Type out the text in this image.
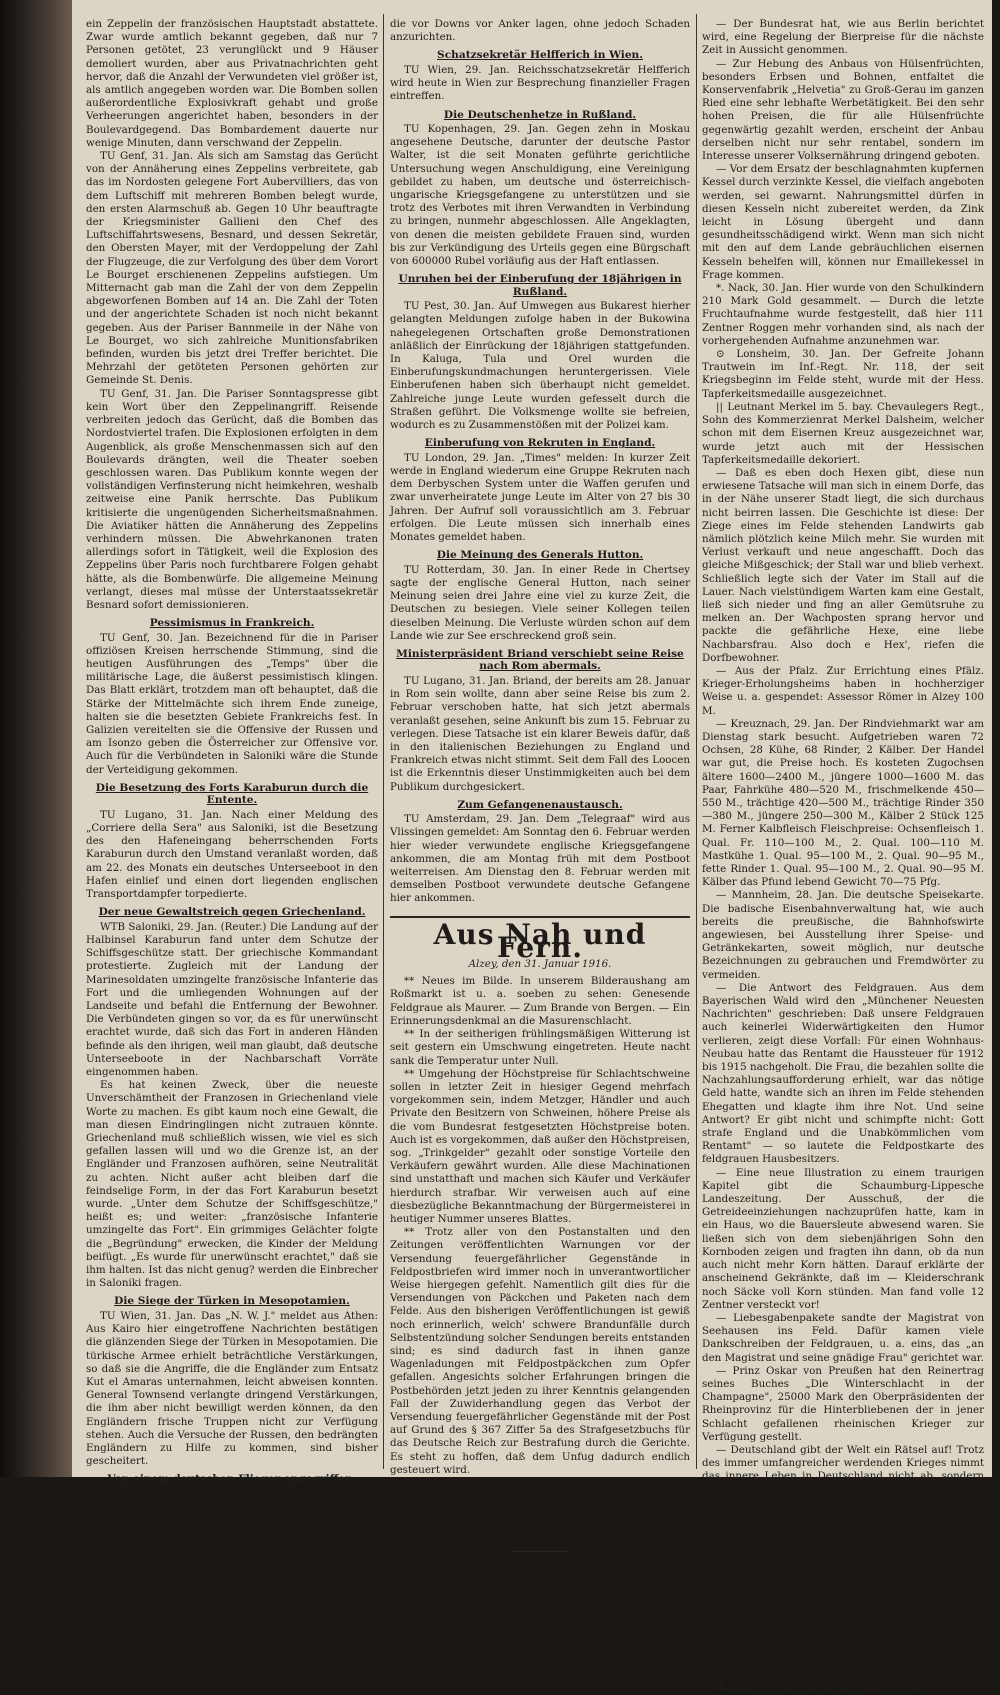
ein Zeppelin der französischen Hauptstadt abstattete. Zwar wurde amtlich bekannt gegeben, daß nur 7 Personen getötet, 23 verunglückt und 9 Häuser demoliert wurden, aber aus Privatnachrichten geht hervor, daß die Anzahl der Verwundeten viel größer ist, als amtlich angegeben worden war. Die Bomben sollen außerordentliche Explosivkraft gehabt und große Verheerungen angerichtet haben, besonders in der Boulevardgegend. Das Bombardement dauerte nur wenige Minuten, dann verschwand der Zeppelin.

TU Genf, 31. Jan. Als sich am Samstag das Gerücht von der Annäherung eines Zeppelins verbreitete, gab das im Nordosten gelegene Fort Aubervilliers, das von dem Luftschiff mit mehreren Bomben belegt wurde, den ersten Alarmschuß ab. Gegen 10 Uhr beauftragte der Kriegsminister Gallieni den Chef des Luftschiffahrtswesens, Besnard, und dessen Sekretär, den Obersten Mayer, mit der Verdoppelung der Zahl der Flugzeuge, die zur Verfolgung des über dem Vorort Le Bourget erschienenen Zeppelins aufstiegen. Um Mitternacht gab man die Zahl der von dem Zeppelin abgeworfenen Bomben auf 14 an. Die Zahl der Toten und der angerichtete Schaden ist noch nicht bekannt gegeben. Aus der Pariser Bannmeile in der Nähe von Le Bourget, wo sich zahlreiche Munitionsfabriken befinden, wurden bis jetzt drei Treffer berichtet. Die Mehrzahl der getöteten Personen gehörten zur Gemeinde St. Denis.

TU Genf, 31. Jan. Die Pariser Sonntagspresse gibt kein Wort über den Zeppelinangriff. Reisende verbreiten jedoch das Gerücht, daß die Bomben das Nordostviertel trafen. Die Explosionen erfolgten in dem Augenblick, als große Menschenmassen sich auf den Boulevards drängten, weil die Theater soeben geschlossen waren. Das Publikum konnte wegen der vollständigen Verfinsterung nicht heimkehren, weshalb zeitweise eine Panik herrschte. Das Publikum kritisierte die ungenügenden Sicherheitsmaßnahmen. Die Aviatiker hätten die Annäherung des Zeppelins verhindern müssen. Die Abwehrkanonen traten allerdings sofort in Tätigkeit, weil die Explosion des Zeppelins über Paris noch furchtbarere Folgen gehabt hätte, als die Bombenwürfe. Die allgemeine Meinung verlangt, dieses mal müsse der Unterstaatssekretär Besnard sofort demissionieren.

Pessimismus in Frankreich.

TU Genf, 30. Jan. Bezeichnend für die in Pariser offiziösen Kreisen herrschende Stimmung, sind die heutigen Ausführungen des „Temps" über die militärische Lage, die äußerst pessimistisch klingen. Das Blatt erklärt, trotzdem man oft behauptet, daß die Stärke der Mittelmächte sich ihrem Ende zuneige, halten sie die besetzten Gebiete Frankreichs fest. In Galizien vereitelten sie die Offensive der Russen und am Isonzo geben die Österreicher zur Offensive vor. Auch für die Verbündeten in Saloniki wäre die Stunde der Verteidigung gekommen.

Die Besetzung des Forts Karaburun durch die Entente.

TU Lugano, 31. Jan. Nach einer Meldung des „Corriere della Sera" aus Saloniki, ist die Besetzung des den Hafeneingang beherrschenden Forts Karaburun durch den Umstand veranlaßt worden, daß am 22. des Monats ein deutsches Unterseeboot in den Hafen einlief und einen dort liegenden englischen Transportdampfer torpedierte.

Der neue Gewaltstreich gegen Griechenland.

WTB Saloniki, 29. Jan. (Reuter.) Die Landung auf der Halbinsel Karaburun fand unter dem Schutze der Schiffsgeschütze statt. Der griechische Kommandant protestierte. Zugleich mit der Landung der Marinesoldaten umzingelte französische Infanterie das Fort und die umliegenden Wohnungen auf der Landseite und befahl die Entfernung der Bewohner. Die Verbündeten gingen so vor, da es für unerwünscht erachtet wurde, daß sich das Fort in anderen Händen befinde als den ihrigen, weil man glaubt, daß deutsche Unterseeboote in der Nachbarschaft Vorräte eingenommen haben.

Es hat keinen Zweck, über die neueste Unverschämtheit der Franzosen in Griechenland viele Worte zu machen. Es gibt kaum noch eine Gewalt, die man diesen Eindringlingen nicht zutrauen könnte. Griechenland muß schließlich wissen, wie viel es sich gefallen lassen will und wo die Grenze ist, an der Engländer und Franzosen aufhören, seine Neutralität zu achten. Nicht außer acht bleiben darf die feindselige Form, in der das Fort Karaburun besetzt wurde. „Unter dem Schutze der Schiffsgeschütze," heißt es; und weiter: „französische Infanterie umzingelte das Fort". Ein grimmiges Gelächter folgte die „Begründung" erwecken, die Kinder der Meldung beifügt. „Es wurde für unerwünscht erachtet," daß sie ihm halten. Ist das nicht genug? werden die Einbrecher in Saloniki fragen.

Die Siege der Türken in Mesopotamien.

TU Wien, 31. Jan. Das „N. W. J." meldet aus Athen: Aus Kairo hier eingetroffene Nachrichten bestätigen die glänzenden Siege der Türken in Mesopotamien. Die türkische Armee erhielt beträchtliche Verstärkungen, so daß sie die Angriffe, die die Engländer zum Entsatz Kut el Amaras unternahmen, leicht abweisen konnten. General Townsend verlangte dringend Verstärkungen, die ihm aber nicht bewilligt werden können, da den Engländern frische Truppen nicht zur Verfügung stehen. Auch die Versuche der Russen, den bedrängten Engländern zu Hilfe zu kommen, sind bisher gescheitert.

Von einem deutschen Flieger angegriffen.

TU Amsterdam, 31. Jan. Der Wilsondampfer „Carlo", der am Freitag in Humber eintraf, berichtete, daß er zwei Stunden nach der Ausreise am Abend von Dover von einem deutschen Flugzeug angegriffen worden sei, das sich über dem Dampfer bewegte. 6 schwere Bomben wurden auf das Schiff abgeworfen, die alle in einem Umkreis von 25 Metern beim Aufschlagen auf dem Wasser explodierten und riesige Wassermengen über den Dampfer jagten. Der Kapitän ließ sofort im Zickzackkurs fahren. Das Flugzeug verschwand schließlich und warf noch 4 Bomben auf Schiffe,

die vor Downs vor Anker lagen, ohne jedoch Schaden anzurichten.

Schatzsekretär Helfferich in Wien.

TU Wien, 29. Jan. Reichsschatzsekretär Helfferich wird heute in Wien zur Besprechung finanzieller Fragen eintreffen.

Die Deutschenhetze in Rußland.

TU Kopenhagen, 29. Jan. Gegen zehn in Moskau angesehene Deutsche, darunter der deutsche Pastor Walter, ist die seit Monaten geführte gerichtliche Untersuchung wegen Anschuldigung, eine Vereinigung gebildet zu haben, um deutsche und österreichisch-ungarische Kriegsgefangene zu unterstützen und sie trotz des Verbotes mit ihren Verwandten in Verbindung zu bringen, nunmehr abgeschlossen. Alle Angeklagten, von denen die meisten gebildete Frauen sind, wurden bis zur Verkündigung des Urteils gegen eine Bürgschaft von 600000 Rubel vorläufig aus der Haft entlassen.

Unruhen bei der Einberufung der 18jährigen in Rußland.

TU Pest, 30. Jan. Auf Umwegen aus Bukarest hierher gelangten Meldungen zufolge haben in der Bukowina nahegelegenen Ortschaften große Demonstrationen anläßlich der Einrückung der 18jährigen stattgefunden. In Kaluga, Tula und Orel wurden die Einberufungskundmachungen heruntergerissen. Viele Einberufenen haben sich überhaupt nicht gemeldet. Zahlreiche junge Leute wurden gefesselt durch die Straßen geführt. Die Volksmenge wollte sie befreien, wodurch es zu Zusammenstößen mit der Polizei kam.

Einberufung von Rekruten in England.

TU London, 29. Jan. „Times" melden: In kurzer Zeit werde in England wiederum eine Gruppe Rekruten nach dem Derbyschen System unter die Waffen gerufen und zwar unverheiratete junge Leute im Alter von 27 bis 30 Jahren. Der Aufruf soll voraussichtlich am 3. Februar erfolgen. Die Leute müssen sich innerhalb eines Monates gemeldet haben.

Die Meinung des Generals Hutton.

TU Rotterdam, 30. Jan. In einer Rede in Chertsey sagte der englische General Hutton, nach seiner Meinung seien drei Jahre eine viel zu kurze Zeit, die Deutschen zu besiegen. Viele seiner Kollegen teilen dieselben Meinung. Die Verluste würden schon auf dem Lande wie zur See erschreckend groß sein.

Ministerpräsident Briand verschiebt seine Reise nach Rom abermals.

TU Lugano, 31. Jan. Briand, der bereits am 28. Januar in Rom sein wollte, dann aber seine Reise bis zum 2. Februar verschoben hatte, hat sich jetzt abermals veranlaßt gesehen, seine Ankunft bis zum 15. Februar zu verlegen. Diese Tatsache ist ein klarer Beweis dafür, daß in den italienischen Beziehungen zu England und Frankreich etwas nicht stimmt. Seit dem Fall des Loocen ist die Erkenntnis dieser Unstimmigkeiten auch bei dem Publikum durchgesickert.

Zum Gefangenenaustausch.

TU Amsterdam, 29. Jan. Dem „Telegraaf" wird aus Vlissingen gemeldet: Am Sonntag den 6. Februar werden hier wieder verwundete englische Kriegsgefangene ankommen, die am Montag früh mit dem Postboot weiterreisen. Am Dienstag den 8. Februar werden mit demselben Postboot verwundete deutsche Gefangene hier ankommen.

Aus Nah und Fern.
Alzey, den 31. Januar 1916.

** Neues im Bilde. In unserem Bilderaushang am Roßmarkt ist u. a. soeben zu sehen: Genesende Feldgraue als Maurer. — Zum Brande von Bergen. — Ein Erinnerungsdenkmal an die Masurenschlacht.

** In der seitherigen frühlingsmäßigen Witterung ist seit gestern ein Umschwung eingetreten. Heute nacht sank die Temperatur unter Null.

** Umgehung der Höchstpreise für Schlachtschweine sollen in letzter Zeit in hiesiger Gegend mehrfach vorgekommen sein, indem Metzger, Händler und auch Private den Besitzern von Schweinen, höhere Preise als die vom Bundesrat festgesetzten Höchstpreise boten. Auch ist es vorgekommen, daß außer den Höchstpreisen, sog. „Trinkgelder" gezahlt oder sonstige Vorteile den Verkäufern gewährt wurden. Alle diese Machinationen sind unstatthaft und machen sich Käufer und Verkäufer hierdurch strafbar. Wir verweisen auch auf eine diesbezügliche Bekanntmachung der Bürgermeisterei in heutiger Nummer unseres Blattes.

** Trotz aller von den Postanstalten und den Zeitungen veröffentlichten Warnungen vor der Versendung feuergefährlicher Gegenstände in Feldpostbriefen wird immer noch in unverantwortlicher Weise hiergegen gefehlt. Namentlich gilt dies für die Versendungen von Päckchen und Paketen nach dem Felde. Aus den bisherigen Veröffentlichungen ist gewiß noch erinnerlich, welch' schwere Brandunfälle durch Selbstentzündung solcher Sendungen bereits entstanden sind; es sind dadurch fast in ihnen ganze Wagenladungen mit Feldpostpäckchen zum Opfer gefallen. Angesichts solcher Erfahrungen bringen die Postbehörden jetzt jeden zu ihrer Kenntnis gelangenden Fall der Zuwiderhandlung gegen das Verbot der Versendung feuergefährlicher Gegenstände mit der Post auf Grund des § 367 Ziffer 5a des Strafgesetzbuchs für das Deutsche Reich zur Bestrafung durch die Gerichte. Es steht zu hoffen, daß dem Unfug dadurch endlich gesteuert wird.

Neben Streichhölzern, Feuerzeugen mit Benzinfüllung, Äther usw. gehört auch Calciumcarbid zu den leicht entzündlichen Gegenständen; auffälligerweise haben neuerdings auch gerade Sendungen mit diesem Stoff häufig Anlaß zu Strafverfolgungen gegeben.

— Der Bundesrat hat, wie aus Berlin berichtet wird, eine Regelung der Bierpreise für die nächste Zeit in Aussicht genommen.

— Zur Hebung des Anbaus von Hülsenfrüchten, besonders Erbsen und Bohnen, entfaltet die Konservenfabrik „Helvetia" zu Groß-Gerau im ganzen Ried eine sehr lebhafte Werbetätigkeit. Bei den sehr hohen Preisen, die für alle Hülsenfrüchte gegenwärtig gezahlt werden, erscheint der Anbau derselben nicht nur sehr rentabel, sondern im Interesse unserer Volksernährung dringend geboten.

— Vor dem Ersatz der beschlagnahmten kupfernen Kessel durch verzinkte Kessel, die vielfach angeboten werden, sei gewarnt. Nahrungsmittel dürfen in diesen Kesseln nicht zubereitet werden, da Zink leicht in Lösung übergeht und dann gesundheitsschädigend wirkt. Wenn man sich nicht mit den auf dem Lande gebräuchlichen eisernen Kesseln behelfen will, können nur Emaillekessel in Frage kommen.

*. Nack, 30. Jan. Hier wurde von den Schulkindern 210 Mark Gold gesammelt. — Durch die letzte Fruchtaufnahme wurde festgestellt, daß hier 111 Zentner Roggen mehr vorhanden sind, als nach der vorhergehenden Aufnahme anzunehmen war.

⊙ Lonsheim, 30. Jan. Der Gefreite Johann Trautwein im Inf.-Regt. Nr. 118, der seit Kriegsbeginn im Felde steht, wurde mit der Hess. Tapferkeitsmedaille ausgezeichnet.

|| Leutnant Merkel im 5. bay. Chevaulegers Regt., Sohn des Kommerzienrat Merkel Dalsheim, welcher schon mit dem Eisernen Kreuz ausgezeichnet war, wurde jetzt auch mit der Hessischen Tapferkeitsmedaille dekoriert.

— Daß es eben doch Hexen gibt, diese nun erwiesene Tatsache will man sich in einem Dorfe, das in der Nähe unserer Stadt liegt, die sich durchaus nicht beirren lassen. Die Geschichte ist diese: Der Ziege eines im Felde stehenden Landwirts gab nämlich plötzlich keine Milch mehr. Sie wurden mit Verlust verkauft und neue angeschafft. Doch das gleiche Mißgeschick; der Stall war und blieb verhext. Schließlich legte sich der Vater im Stall auf die Lauer. Nach vielstündigem Warten kam eine Gestalt, ließ sich nieder und fing an aller Gemütsruhe zu melken an. Der Wachposten sprang hervor und packte die gefährliche Hexe, eine liebe Nachbarsfrau. Also doch e Hex', riefen die Dorfbewohner.

— Aus der Pfalz. Zur Errichtung eines Pfälz. Krieger-Erholungsheims haben in hochherziger Weise u. a. gespendet: Assessor Römer in Alzey 100 M.

— Kreuznach, 29. Jan. Der Rindviehmarkt war am Dienstag stark besucht. Aufgetrieben waren 72 Ochsen, 28 Kühe, 68 Rinder, 2 Kälber. Der Handel war gut, die Preise hoch. Es kosteten Zugochsen ältere 1600—2400 M., jüngere 1000—1600 M. das Paar, Fahrkühe 480—520 M., frischmelkende 450—550 M., trächtige 420—500 M., trächtige Rinder 350—380 M., jüngere 250—300 M., Kälber 2 Stück 125 M. Ferner Kalbfleisch Fleischpreise: Ochsenfleisch 1. Qual. Fr. 110—100 M., 2. Qual. 100—110 M. Mastkühe 1. Qual. 95—100 M., 2. Qual. 90—95 M., fette Rinder 1. Qual. 95—100 M., 2. Qual. 90—95 M. Kälber das Pfund lebend Gewicht 70—75 Pfg.

— Mannheim, 28. Jan. Die deutsche Speisekarte. Die badische Eisenbahnverwaltung hat, wie auch bereits die preußische, die Bahnhofswirte angewiesen, bei Ausstellung ihrer Speise- und Getränkekarten, soweit möglich, nur deutsche Bezeichnungen zu gebrauchen und Fremdwörter zu vermeiden.

— Die Antwort des Feldgrauen. Aus dem Bayerischen Wald wird den „Münchener Neuesten Nachrichten" geschrieben: Daß unsere Feldgrauen auch keinerlei Widerwärtigkeiten den Humor verlieren, zeigt diese Vorfall: Für einen Wohnhaus-Neubau hatte das Rentamt die Haussteuer für 1912 bis 1915 nachgeholt. Die Frau, die bezahlen sollte die Nachzahlungsaufforderung erhielt, war das nötige Geld hatte, wandte sich an ihren im Felde stehenden Ehegatten und klagte ihm ihre Not. Und seine Antwort? Er gibt nicht und schimpfte nicht: Gott strafe England und die Unabkömmlichen vom Rentamt" — so lautete die Feldpostkarte des feldgrauen Hausbesitzers.

— Eine neue Illustration zu einem traurigen Kapitel gibt die Schaumburg-Lippesche Landeszeitung. Der Ausschuß, der die Getreideeinziehungen nachzuprüfen hatte, kam in ein Haus, wo die Bauersleute abwesend waren. Sie ließen sich von dem siebenjährigen Sohn den Kornboden zeigen und fragten ihn dann, ob da nun auch nicht mehr Korn hätten. Darauf erklärte der anscheinend Gekränkte, daß im — Kleiderschrank noch Säcke voll Korn stünden. Man fand volle 12 Zentner versteckt vor!

— Liebesgabenpakete sandte der Magistrat von Seehausen ins Feld. Dafür kamen viele Dankschreiben der Feldgrauen, u. a. eins, das „an den Magistrat und seine gnädige Frau" gerichtet war.

— Prinz Oskar von Preußen hat den Reinertrag seines Buches „Die Winterschlacht in der Champagne", 25000 Mark den Oberpräsidenten der Rheinprovinz für die Hinterbliebenen der in jener Schlacht gefallenen rheinischen Krieger zur Verfügung gestellt.

— Deutschland gibt der Welt ein Rätsel auf! Trotz des immer umfangreicher werdenden Krieges nimmt das innere Leben in Deutschland nicht ab, sondern sogar zu. So wurde die Berliner Straßenbahn im Dezember 1915 von 53 Millionen Menschen benutzt, 8 Millionen mehr, als im Jahr vorher.

△ Rotterdam, 30. Jan. Der vermißte Personendampfer „Appam" hatte 168 Personen und 155 Mann Besatzung an Bord. Unter den Fahrgästen befindet sich der Gouverneur Teeward der Insel Merewether und die Familie des neuen Kolonialsekretärs der Straits Settlements, James. Zwischen Dakar und den kanarischen Inseln soll ein Schiff gesichtet worden sein.

— Unter dem Titel „Moven" gibt der französische Schriftsteller Guildbeaux in Genf eine französische Zeitschrift heraus, die der Wiederannäherung Frankreichs an Deutschland dienen soll.

✱ Haag, 29. Jan. (Konflikt zwischen hol-
